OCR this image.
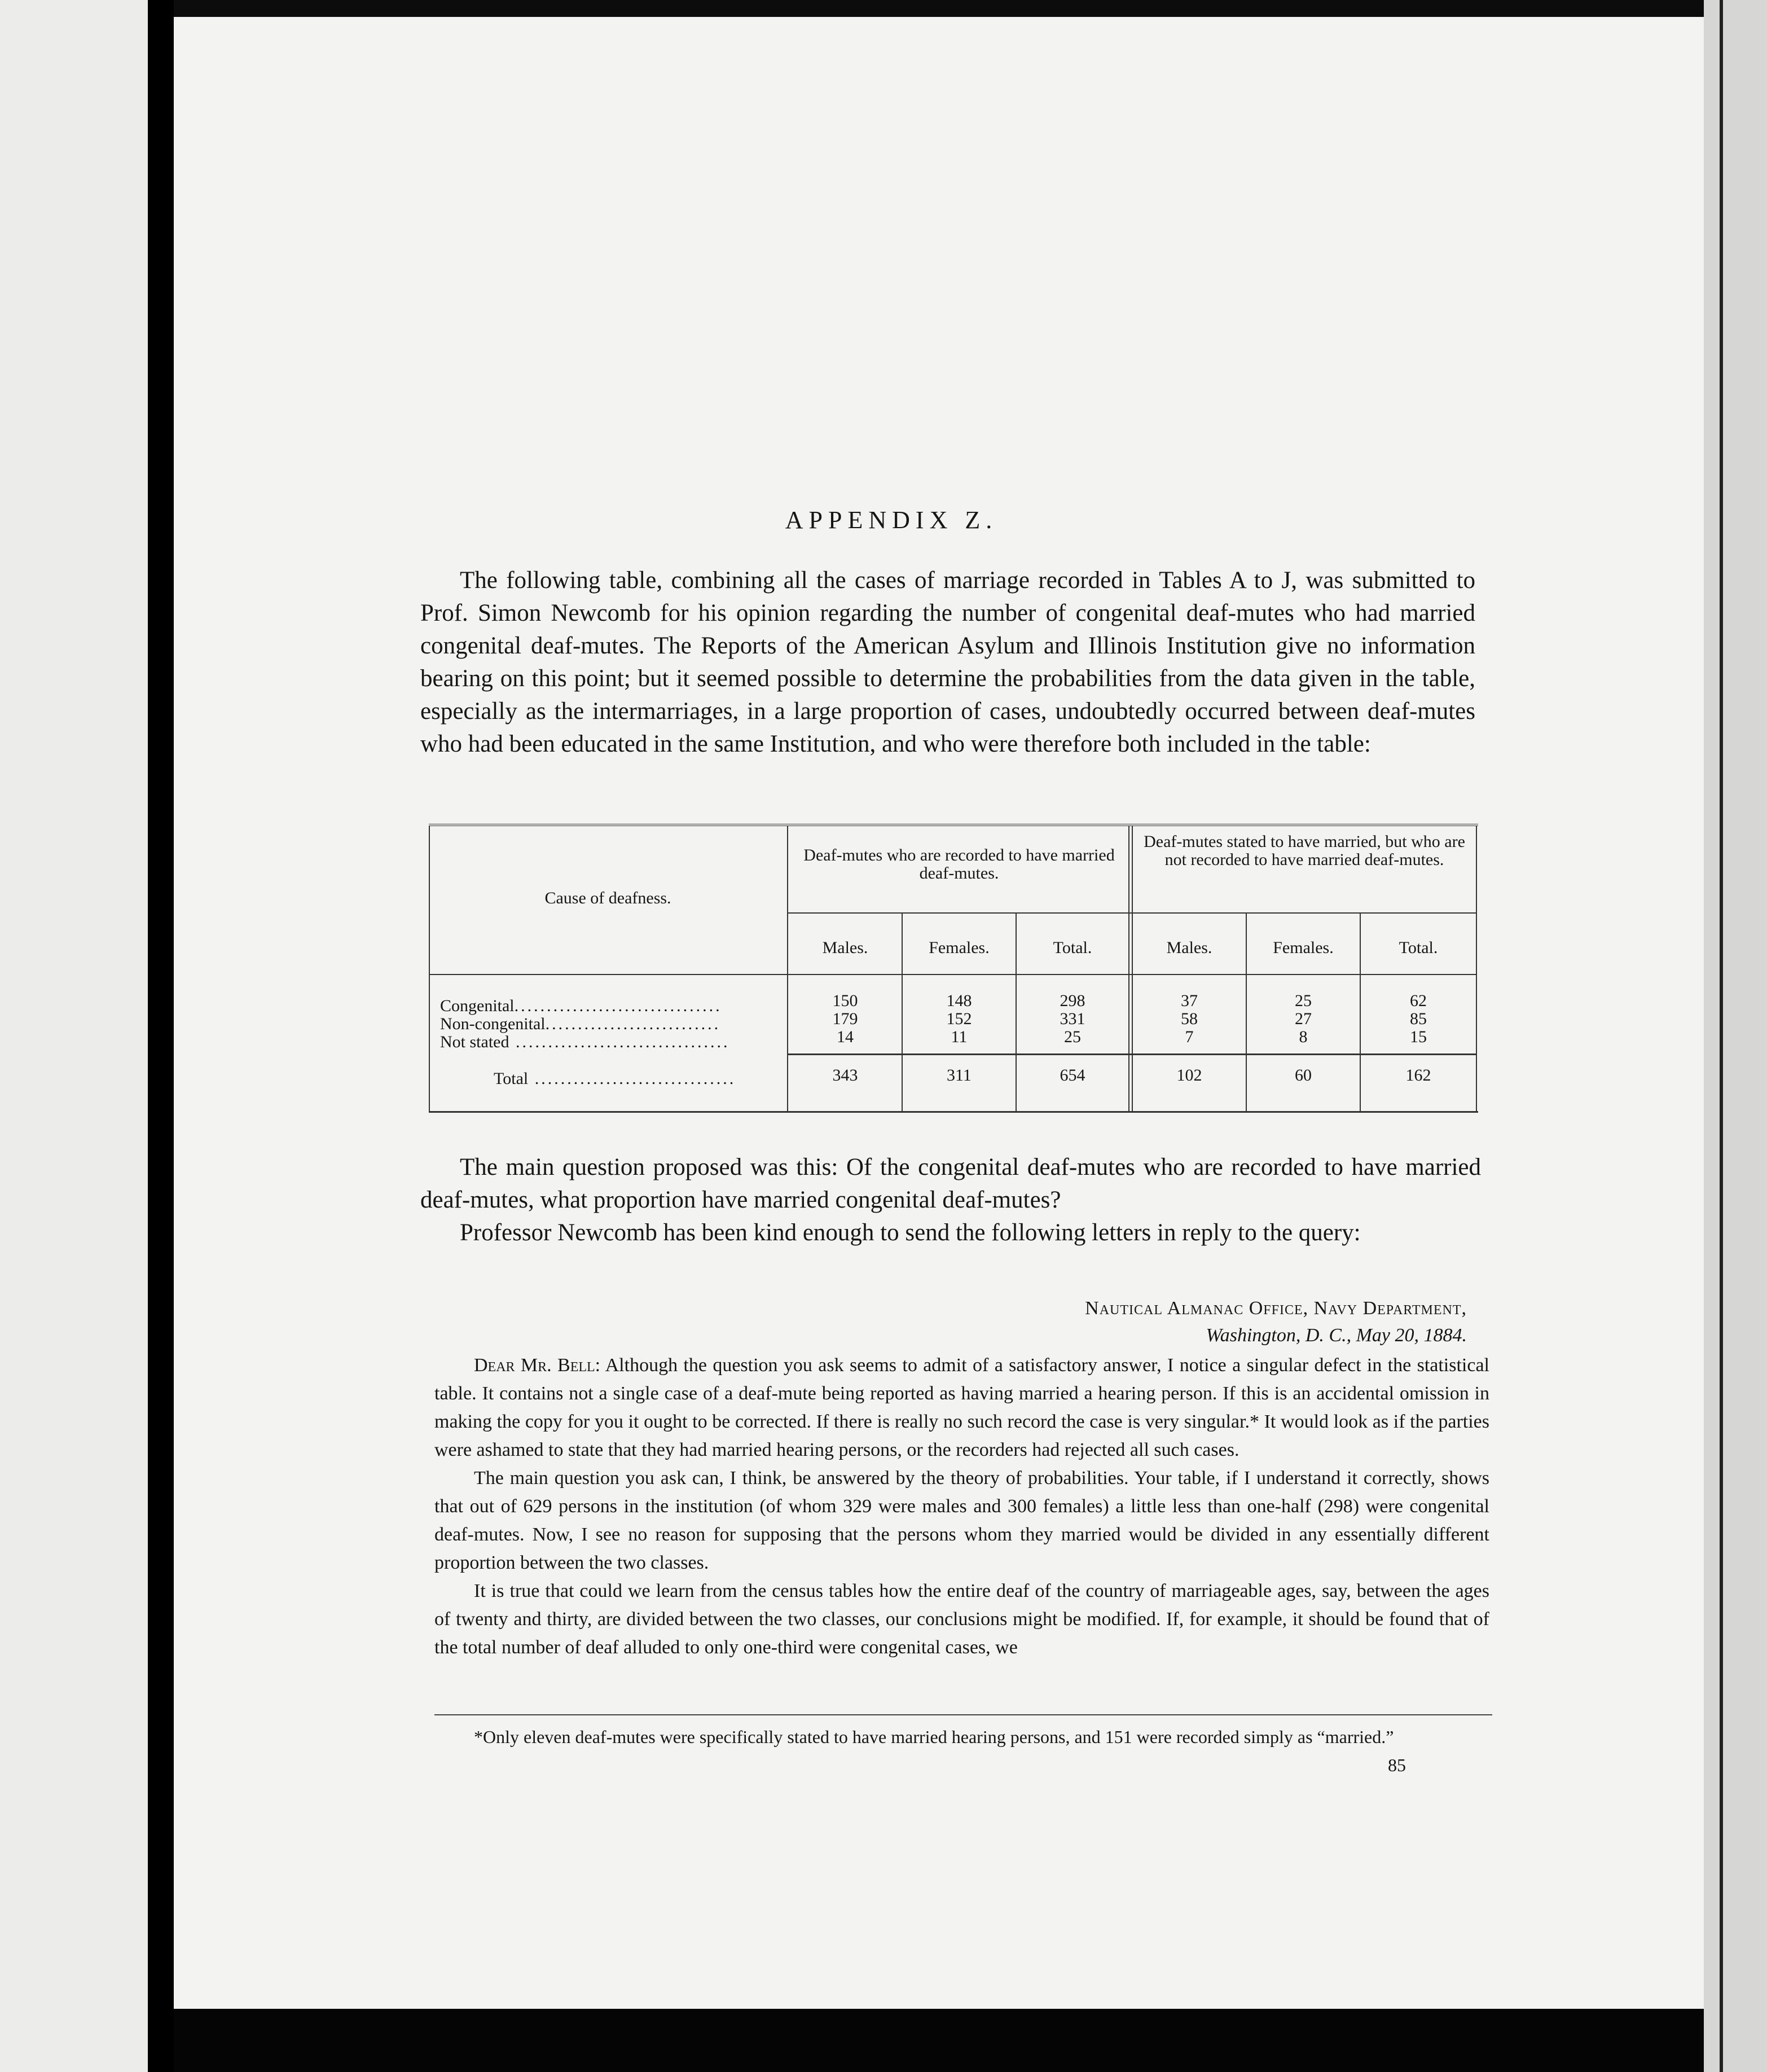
APPENDIX Z.
The following table, combining all the cases of marriage recorded in Tables A to J, was submitted to Prof. Simon Newcomb for his opinion regarding the number of congenital deaf-mutes who had married congenital deaf-mutes. The Reports of the American Asylum and Illinois Institution give no information bearing on this point; but it seemed possible to determine the probabilities from the data given in the table, especially as the intermarriages, in a large proportion of cases, undoubtedly occurred between deaf-mutes who had been educated in the same Institution, and who were therefore both included in the table:
Cause of deafness.
Deaf-mutes who are recorded to have married deaf-mutes.
Deaf-mutes stated to have married, but who are not recorded to have married deaf-mutes.
Males.	Females.	Total.	Males.	Females.	Total.
Congenital................................	150	148	298	37	25	62
Non-congenital...........................	179	152	331	58	27	85
Not stated .................................	14	11	25	7	8	15
Total ...............................	343	311	654	102	60	162
The main question proposed was this: Of the congenital deaf-mutes who are recorded to have married deaf-mutes, what proportion have married congenital deaf-mutes?
Professor Newcomb has been kind enough to send the following letters in reply to the query:
Nautical Almanac Office, Navy Department,
Washington, D. C., May 20, 1884.

Dear Mr. Bell: Although the question you ask seems to admit of a satisfactory answer, I notice a singular defect in the statistical table. It contains not a single case of a deaf-mute being reported as having married a hearing person. If this is an accidental omission in making the copy for you it ought to be corrected. If there is really no such record the case is very singular.* It would look as if the parties were ashamed to state that they had married hearing persons, or the recorders had rejected all such cases.

The main question you ask can, I think, be answered by the theory of probabilities. Your table, if I understand it correctly, shows that out of 629 persons in the institution (of whom 329 were males and 300 females) a little less than one-half (298) were congenital deaf-mutes. Now, I see no reason for supposing that the persons whom they married would be divided in any essentially different proportion between the two classes.

It is true that could we learn from the census tables how the entire deaf of the country of marriageable ages, say, between the ages of twenty and thirty, are divided between the two classes, our conclusions might be modified. If, for example, it should be found that of the total number of deaf alluded to only one-third were congenital cases, we

*Only eleven deaf-mutes were specifically stated to have married hearing persons, and 151 were recorded simply as “married.”
85
